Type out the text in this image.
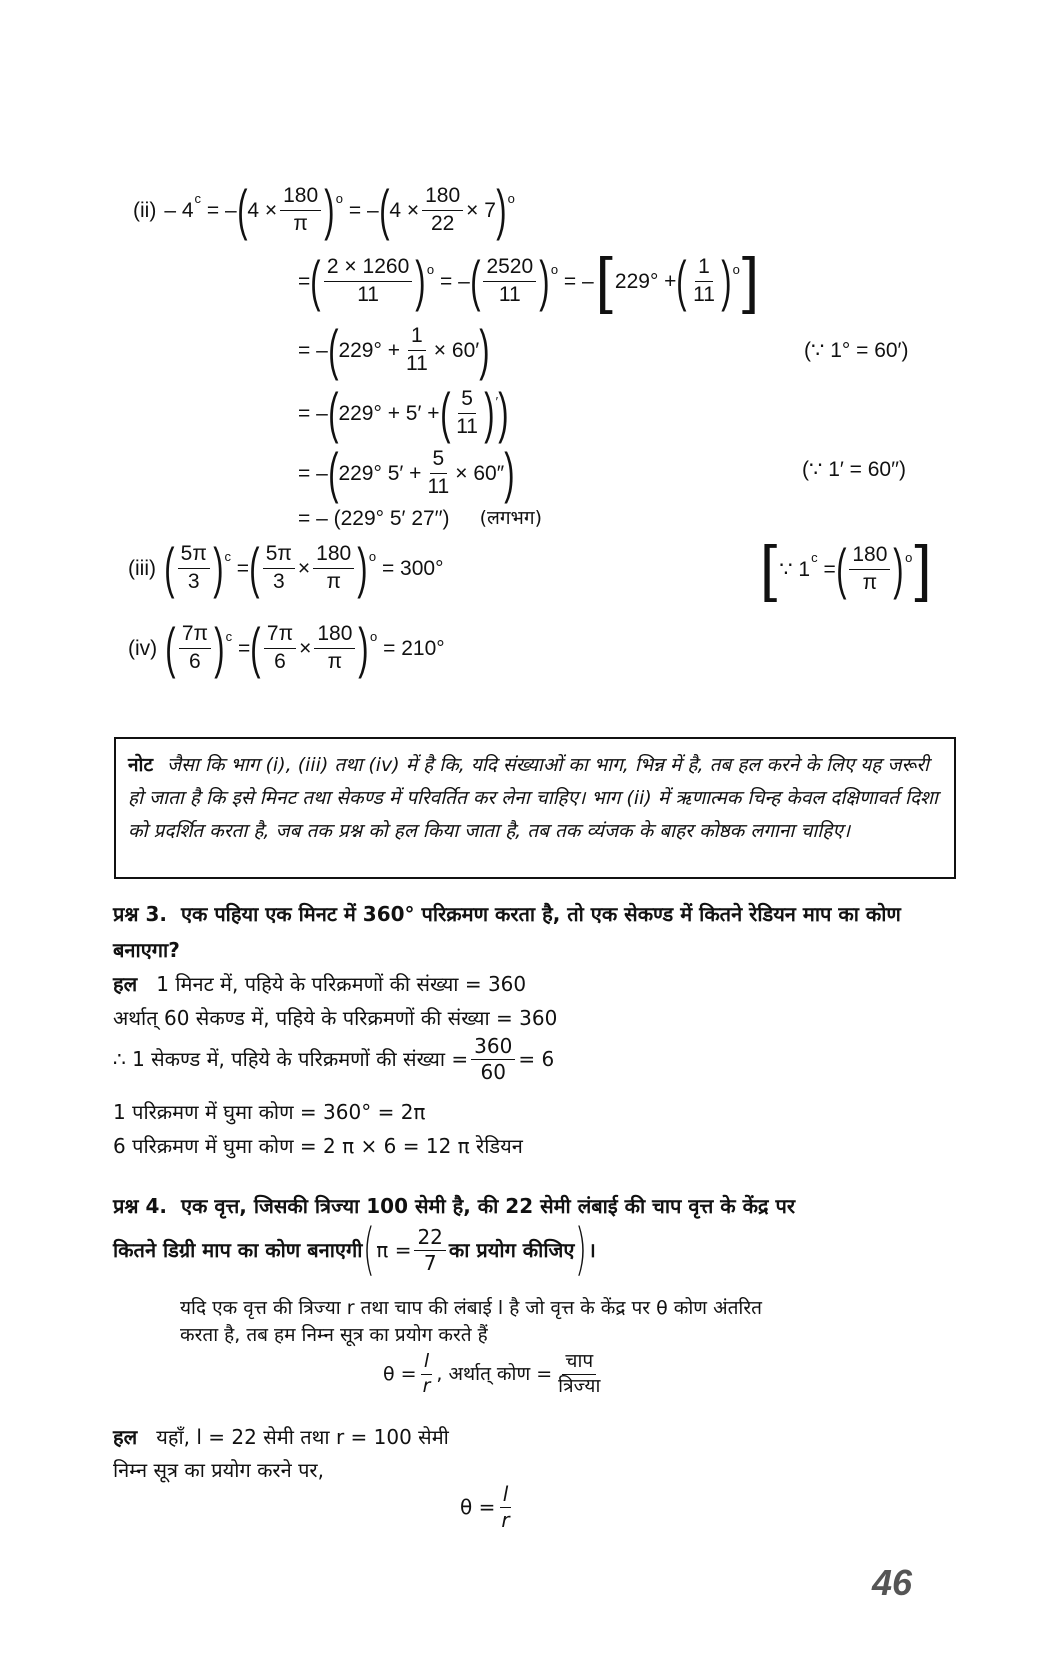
(ii) – 4
c
= – ( $4 \times \frac{180}{\pi}$ ) o
= – ( $4 \times \frac{180}{22} \times 7$ ) o
= ( $\frac{2 \times 1260}{11}$ ) o
= – ( $\frac{2520}{11}$ ) o
= – [ 229° + ( $\frac{1}{11}$ ) o ]
= – ( $229^\circ + \frac{1}{11} \times 60'$ )	(∵ 1° = 60′)
= – ( 229° + 5′ + ( $\frac{5}{11}$ ) ′ )
= – ( 229° $5' + \frac{5}{11} \times 60''$ )	(∵ 1′ = 60′′)
= – (229° 5′ 27′′) (लगभग)
(iii) ( $\frac{5\pi}{3}$ ) c
= ( $\frac{5\pi}{3} \times \frac{180}{\pi}$ ) o

= 300°	[ ∵ 1
c
= ( $\frac{180}{\pi}$ ) o ]
(iv) ( $\frac{7\pi}{6}$ ) c
= ( $\frac{7\pi}{6} \times \frac{180}{\pi}$ ) o

= 210°
नोट जैसा कि भाग (i), (iii) तथा (iv) में है कि, यदि संख्याओं का भाग, भिन्न में है, तब हल करने के लिए यह जरूरी हो जाता है कि इसे मिनट तथा सेकण्ड में परिवर्तित कर लेना चाहिए। भाग (ii) में ऋणात्मक चिन्ह केवल दक्षिणावर्त दिशा को प्रदर्शित करता है, जब तक प्रश्न को हल किया जाता है, तब तक व्यंजक के बाहर कोष्ठक लगाना चाहिए।
प्रश्न 3. एक पहिया एक मिनट में 360° परिक्रमण करता है, तो एक सेकण्ड में कितने रेडियन माप का कोण बनाएगा?
हल 1 मिनट में, पहिये के परिक्रमणों की संख्या = 360
अर्थात् 60 सेकण्ड में, पहिये के परिक्रमणों की संख्या = 360
∴ 1 सेकण्ड में, पहिये के परिक्रमणों की संख्या = $\frac{360}{60} = 6$
1 परिक्रमण में घुमा कोण = 360° = 2π
6 परिक्रमण में घुमा कोण = 2 π × 6 = 12 π रेडियन
प्रश्न 4. एक वृत्त, जिसकी त्रिज्या 100 सेमी है, की 22 सेमी लंबाई की चाप वृत्त के केंद्र पर
कितने डिग्री माप का कोण बनाएगी ( $\pi = \frac{22}{7}$ का प्रयोग कीजिए ) ।
यदि एक वृत्त की त्रिज्या r तथा चाप की लंबाई l है जो वृत्त के केंद्र पर θ कोण अंतरित
करता है, तब हम निम्न सूत्र का प्रयोग करते हैं
$\theta = \frac{l}{r}$ , अर्थात् कोण = $\frac{\text{चाप}}{\text{त्रिज्या}}$
हल यहाँ, l = 22 सेमी तथा r = 100 सेमी
निम्न सूत्र का प्रयोग करने पर,
$\theta = \frac{l}{r}$
46
